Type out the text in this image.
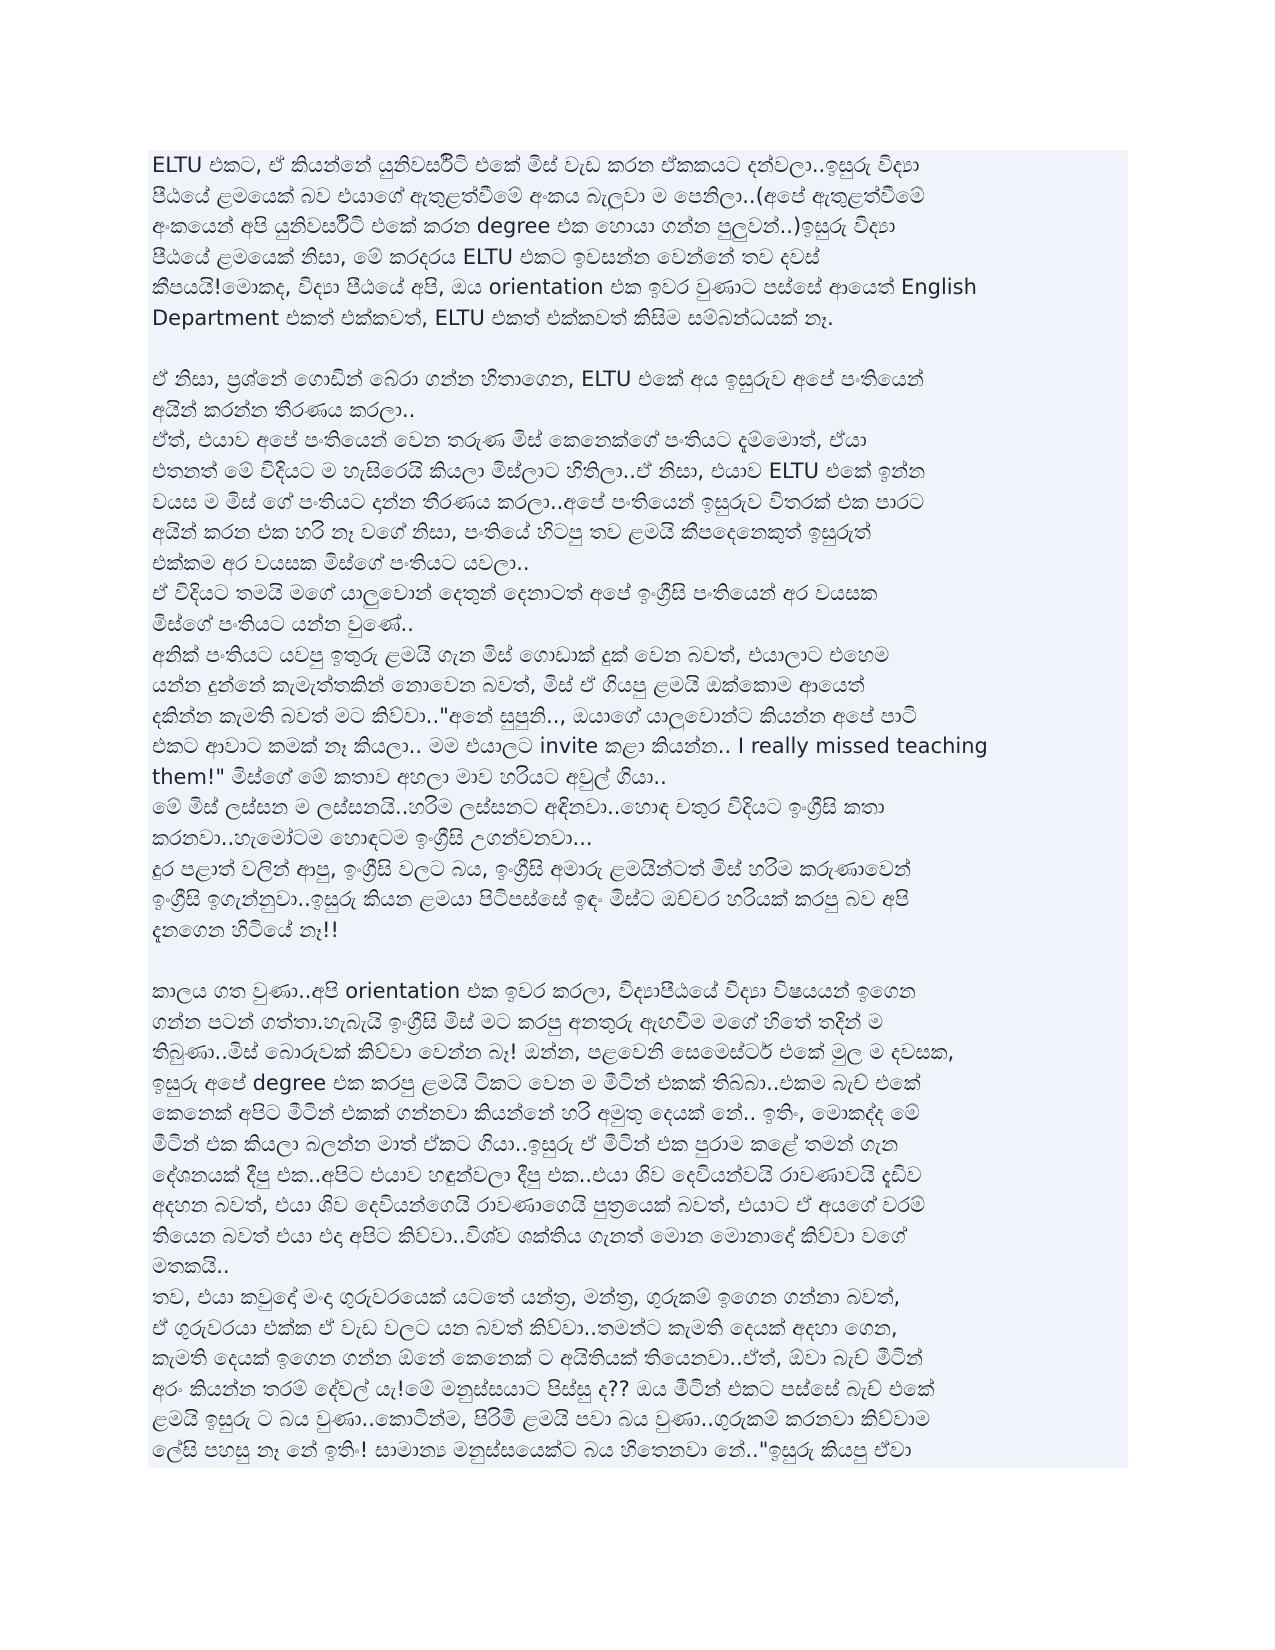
ELTU එකට, ඒ කියන්නේ යුනිවර්සිටි එකේ මිස් වැඩ කරන ඒකකයට දන්වලා..ඉසුරු විද්‍යා
පීඨයේ ළමයෙක් බව එයාගේ ඇතුළත්වීමේ අංකය බැලුවා ම පෙනිලා..(අපේ ඇතුළත්වීමේ
අංකයෙන් අපි යුනිවර්සිටි එකේ කරන degree එක හොයා ගන්න පුලුවන්..)ඉසුරු විද්‍යා
පීඨයේ ළමයෙක් නිසා, මේ කරදරය ELTU එකට ඉවසන්න වෙන්නේ තව දවස්
කීපයයි!මොකද, විද්‍යා පීඨයේ අපි, ඔය orientation එක ඉවර වුණාට පස්සේ ආයෙත් English
Department එකත් එක්කවත්, ELTU එකත් එක්කවත් කිසිම සම්බන්ධයක් නෑ.
ඒ නිසා, ප්‍රශ්නේ ගොඩින් බේරා ගන්න හිතාගෙන, ELTU එකේ අය ඉසුරුව අපේ පංතියෙන්
අයින් කරන්න තීරණය කරලා..
ඒත්, එයාව අපේ පංතියෙන් වෙන තරුණ මිස් කෙනෙක්ගේ පංතියට දැම්මොත්, ඒයා
එතනත් මේ විදියට ම හැසිරෙයි කියලා මිස්ලාට හිතිලා..ඒ නිසා, එයාව ELTU එකේ ඉන්න
වයස ම මිස් ගේ පංතියට දාන්න තීරණය කරලා..අපේ පංතියෙන් ඉසුරුව විතරක් එක පාරට
අයින් කරන එක හරි නෑ වගේ නිසා, පංතියේ හිටපු තව ළමයි කීපදෙනෙකුත් ඉසුරුත්
එක්කම අර වයසක මිස්ගේ පංතියට යවලා..
ඒ විදියට තමයි මගේ යාලුවොන් දෙතුන් දෙනාටත් අපේ ඉංග්‍රීසි පංතියෙන් අර වයසක
මිස්ගේ පංතියට යන්න වුණේ..
අනික් පංතියට යවපු ඉතුරු ළමයි ගැන මිස් ගොඩාක් දුක් වෙන බවත්, එයාලාට එහෙම
යන්න දුන්නේ කැමැත්තකින් නොවෙන බවත්, මිස් ඒ ගියපු ළමයි ඔක්කොම ආයෙත්
දකින්න කැමති බවත් මට කිව්වා.."අනේ සුපුනි.., ඔයාගේ යාලුවොන්ට කියන්න අපේ පාටි
එකට ආවාට කමක් නෑ කියලා.. මම එයාලට invite කළා කියන්න.. I really missed teaching
them!" මිස්ගේ මේ කතාව අහලා මාව හරියට අවුල් ගියා..
මේ මිස් ලස්සන ම ලස්සනයි..හරිම ලස්සනට අඳිනවා..හොඳ චතුර විදියට ඉංග්‍රීසි කතා
කරනවා..හැමෝටම හොඳටම ඉංග්‍රීසි උගන්වනවා...
දුර පළාත් වලින් ආපු, ඉංග්‍රීසි වලට බය, ඉංග්‍රීසි අමාරු ළමයින්ටත් මිස් හරිම කරුණාවෙන්
ඉංග්‍රීසි ඉගැන්නුවා..ඉසුරු කියන ළමයා පිටිපස්සේ ඉඳං මිස්ට ඔච්චර හරියක් කරපු බව අපි
දැනගෙන හිටියේ නෑ!!
කාලය ගත වුණා..අපි orientation එක ඉවර කරලා, විද්‍යාපීඨයේ විද්‍යා විෂයයන් ඉගෙන
ගන්න පටන් ගත්තා.හැබැයි ඉංග්‍රීසි මිස් මට කරපු අනතුරු ඇඟවීම මගේ හිතේ තදින් ම
තිබුණා..මිස් බොරුවක් කිව්වා වෙන්න බෑ! ඔන්න, පළවෙනි සෙමෙස්ටර් එකේ මුල ම දවසක,
ඉසුරු අපේ degree එක කරපු ළමයි ටිකට වෙන ම මීටින් එකක් තිබ්බා..එකම බැච් එකේ
කෙනෙක් අපිට මීටින් එකක් ගන්නවා කියන්නේ හරි අමුතු දෙයක් නේ.. ඉතිං, මොකද්ද මේ
මීටින් එක කියලා බලන්න මාත් ඒකට ගියා..ඉසුරු ඒ මීටින් එක පුරාම කළේ තමන් ගැන
දේශනයක් දීපු එක..අපිට එයාව හඳුන්වලා දීපු එක..එයා ශිව දෙවියන්වයි රාවණාවයි දැඩිව
අදහන බවත්, එයා ශිව දෙවියන්ගෙයි රාවණාගෙයි පුත්‍රයෙක් බවත්, එයාට ඒ අයගේ වරම්
තියෙන බවත් එයා එදා අපිට කිව්වා..විශ්ව ශක්තිය ගැනත් මොන මොනාදෝ කිව්වා වගේ
මතකයි..
තව, එයා කවුදෝ මංදා ගුරුවරයෙක් යටතේ යන්ත්‍ර, මන්ත්‍ර, ගුරුකම් ඉගෙන ගන්නා බවත්,
ඒ ගුරුවරයා එක්ක ඒ වැඩ වලට යන බවත් කිව්වා..තමන්ට කැමති දෙයක් අදහා ගෙන,
කැමති දෙයක් ඉගෙන ගන්න ඕනේ කෙනෙක් ට අයිතියක් තියෙනවා..ඒත්, ඕවා බැච් මීටින්
අරං කියන්න තරම් දේවල් යැ!මේ මනුස්සයාට පිස්සු ද?? ඔය මීටින් එකට පස්සේ බැච් එකේ
ළමයි ඉසුරු ට බය වුණා..කොටින්ම, පිරිමි ළමයි පවා බය වුණා..ගුරුකම් කරනවා කිව්වාම
ලේසි පහසු නෑ නේ ඉතිං! සාමාන්‍ය මනුස්සයෙක්ට බය හිතෙනවා නේ.."ඉසුරු කියපු ඒවා
